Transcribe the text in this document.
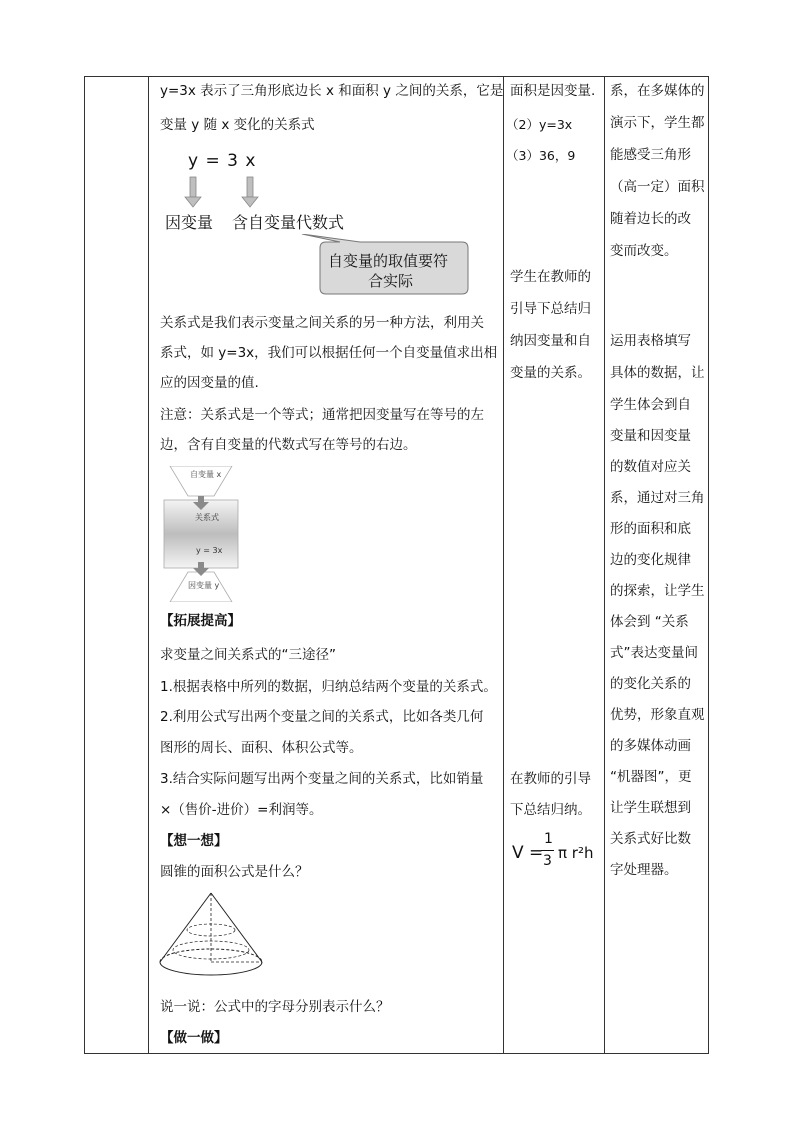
y=3x 表示了三角形底边长 x 和面积 y 之间的关系，它是
变量 y 随 x 变化的关系式
y = 3 x
因变量 含自变量代数式
自变量的取值要符
合实际
关系式是我们表示变量之间关系的另一种方法，利用关
系式，如 y=3x，我们可以根据任何一个自变量值求出相
应的因变量的值.
注意：关系式是一个等式；通常把因变量写在等号的左
边，含有自变量的代数式写在等号的右边。
自变量 x
关系式
y = 3x
因变量 y
【拓展提高】
求变量之间关系式的“三途径”
1.根据表格中所列的数据，归纳总结两个变量的关系式。
2.利用公式写出两个变量之间的关系式，比如各类几何
图形的周长、面积、体积公式等。
3.结合实际问题写出两个变量之间的关系式，比如销量
×（售价-进价）=利润等。
【想一想】
圆锥的面积公式是什么？
说一说：公式中的字母分别表示什么？
【做一做】
面积是因变量.
（2）y=3x
（3）36，9
学生在教师的
引导下总结归
纳因变量和自
变量的关系。
在教师的引导
下总结归纳。
V =
1
3 π r²h
系，在多媒体的
演示下，学生都
能感受三角形
（高一定）面积
随着边长的改
变而改变。
运用表格填写
具体的数据，让
学生体会到自
变量和因变量
的数值对应关
系，通过对三角
形的面积和底
边的变化规律
的探索，让学生
体会到 “关系
式”表达变量间
的变化关系的
优势，形象直观
的多媒体动画
“机器图”，更
让学生联想到
关系式好比数
字处理器。
